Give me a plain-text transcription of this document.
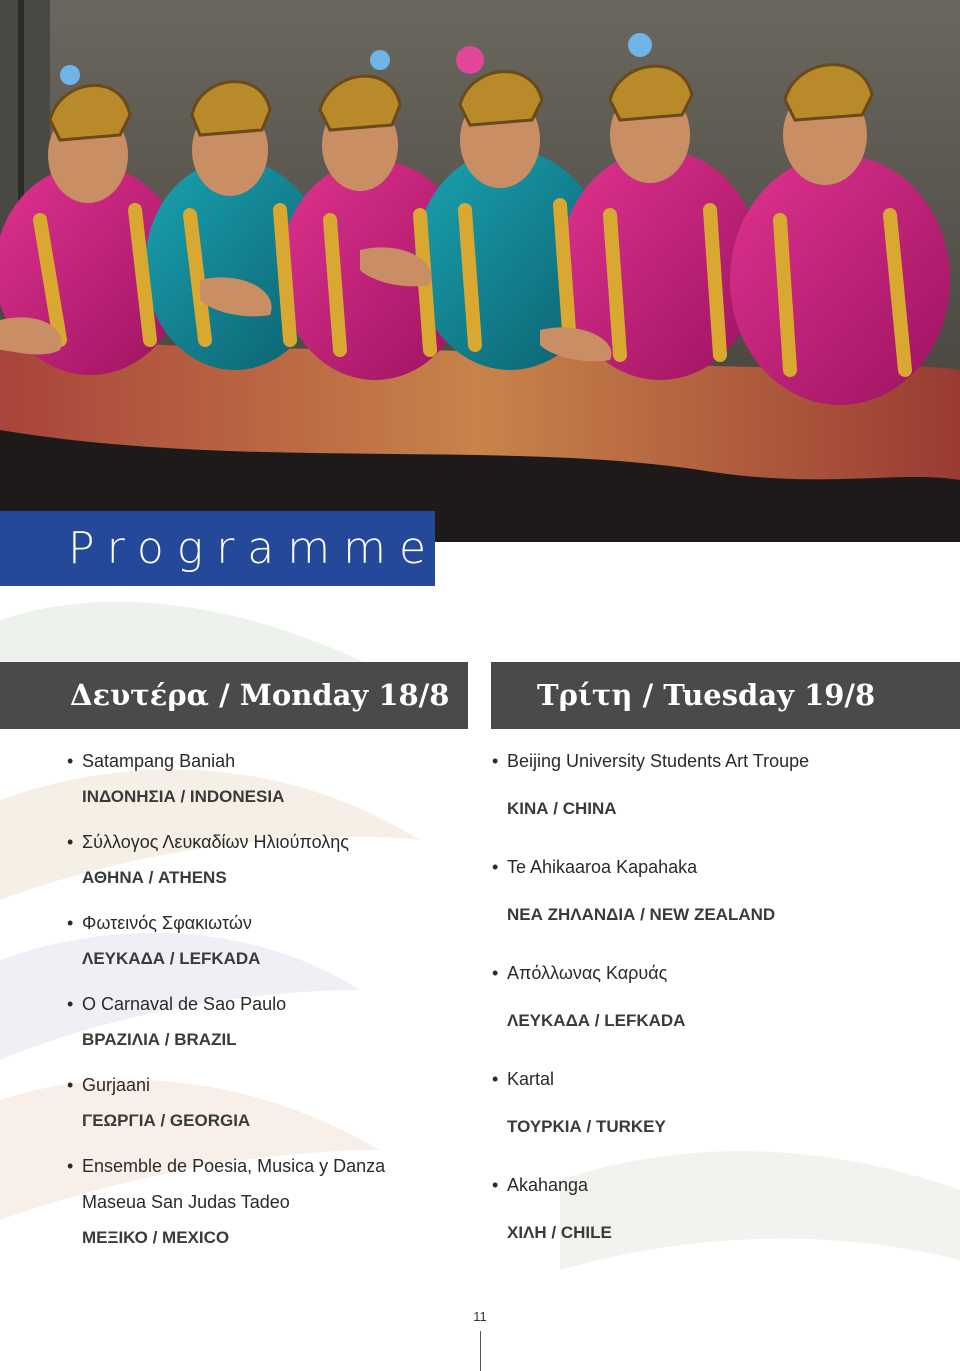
Programme
Δευτέρα / Monday 18/8	Τρίτη / Tuesday 19/8
• Satampang Baniah
ΙΝΔΟΝΗΣΙΑ / INDONESIA
• Σύλλογος Λευκαδίων Ηλιούπολης
ΑΘΗΝΑ / ATHENS
• Φωτεινός Σφακιωτών
ΛΕΥΚΑΔΑ / LEFKADA
• O Carnaval de Sao Paulo
ΒΡΑΖΙΛΙΑ / BRAZIL
• Gurjaani
ΓΕΩΡΓΙΑ / GEORGIA
• Ensemble de Poesia, Musica y Danza
Maseua San Judas Tadeo
ΜΕΞΙΚΟ / MEXICO
• Beijing University Students Art Troupe
ΚΙΝΑ / CHINA
• Te Ahikaaroa Kapahaka
ΝΕΑ ΖΗΛΑΝΔΙΑ / NEW ZEALAND
• Απόλλωνας Καρυάς
ΛΕΥΚΑΔΑ / LEFKADA
• Kartal
ΤΟΥΡΚΙΑ / TURKEY
• Akahanga
ΧΙΛΗ / CHILE
11
